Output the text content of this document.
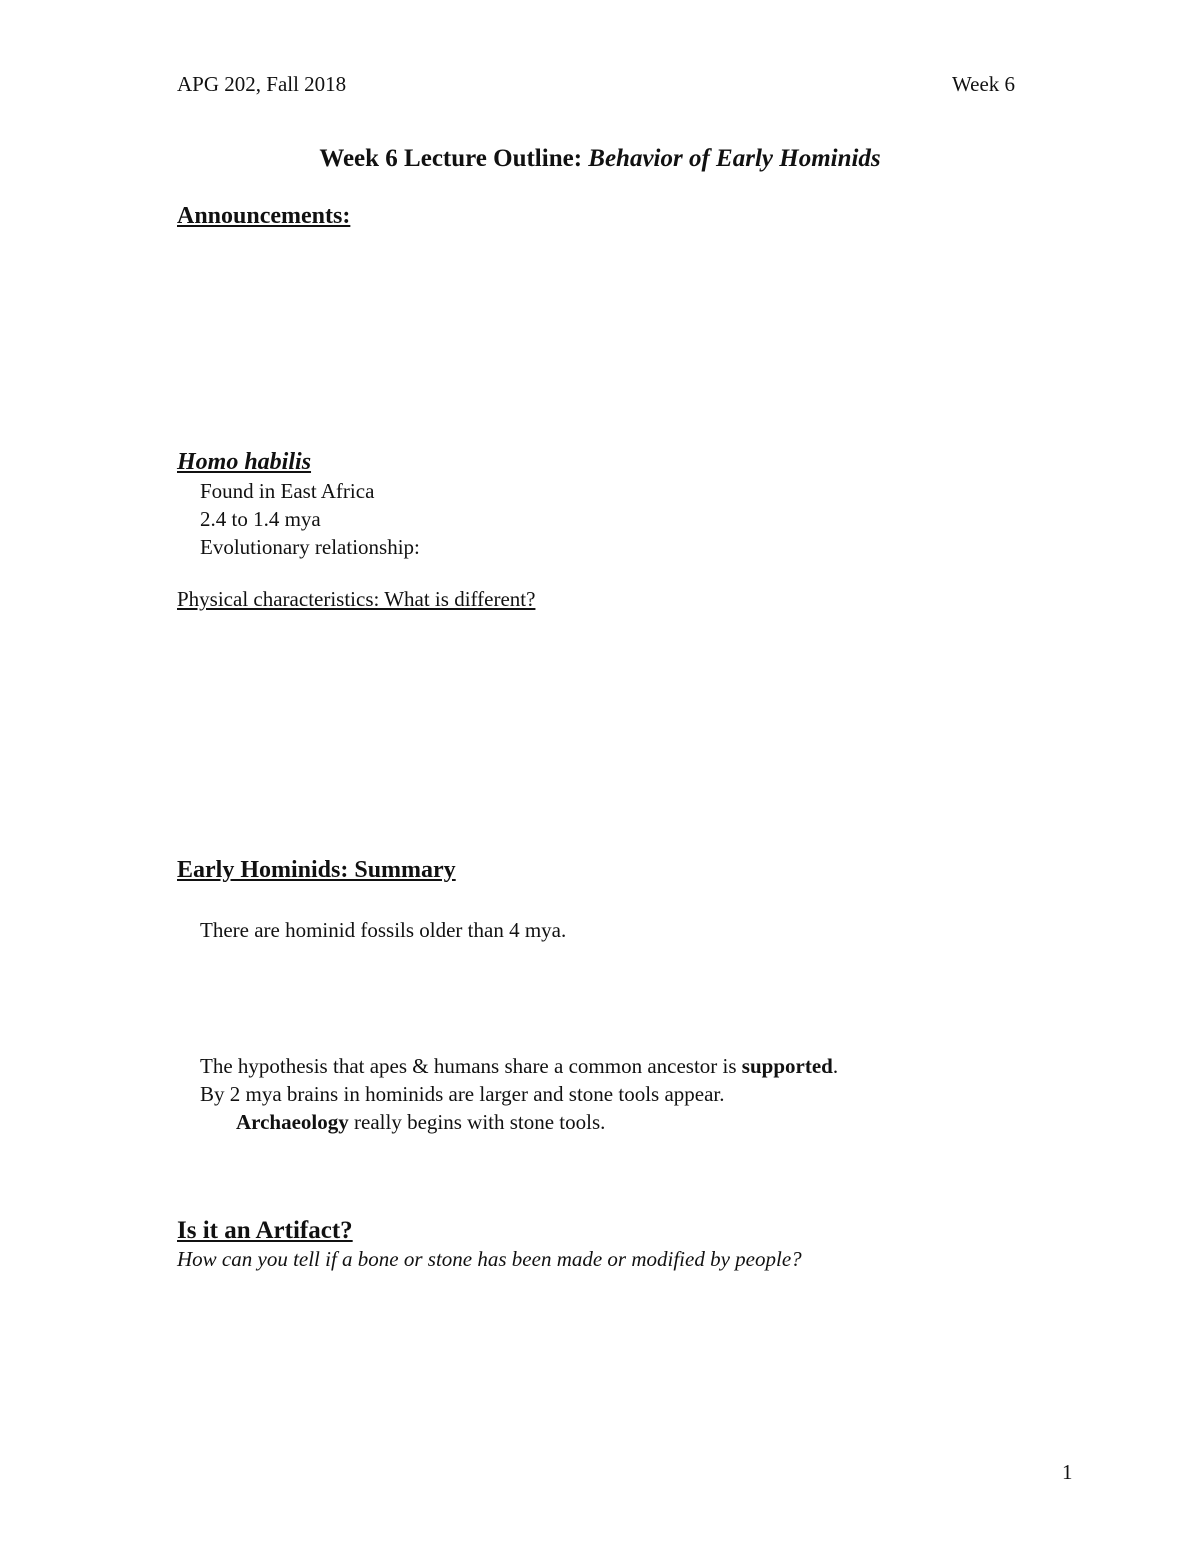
APG 202, Fall 2018	Week 6
Week 6 Lecture Outline: Behavior of Early Hominids
Announcements:
Homo habilis
Found in East Africa
2.4 to 1.4 mya
Evolutionary relationship:
Physical characteristics: What is different?
Early Hominids: Summary
There are hominid fossils older than 4 mya.
The hypothesis that apes & humans share a common ancestor is supported.
By 2 mya brains in hominids are larger and stone tools appear.
Archaeology really begins with stone tools.
Is it an Artifact?
How can you tell if a bone or stone has been made or modified by people?
1
